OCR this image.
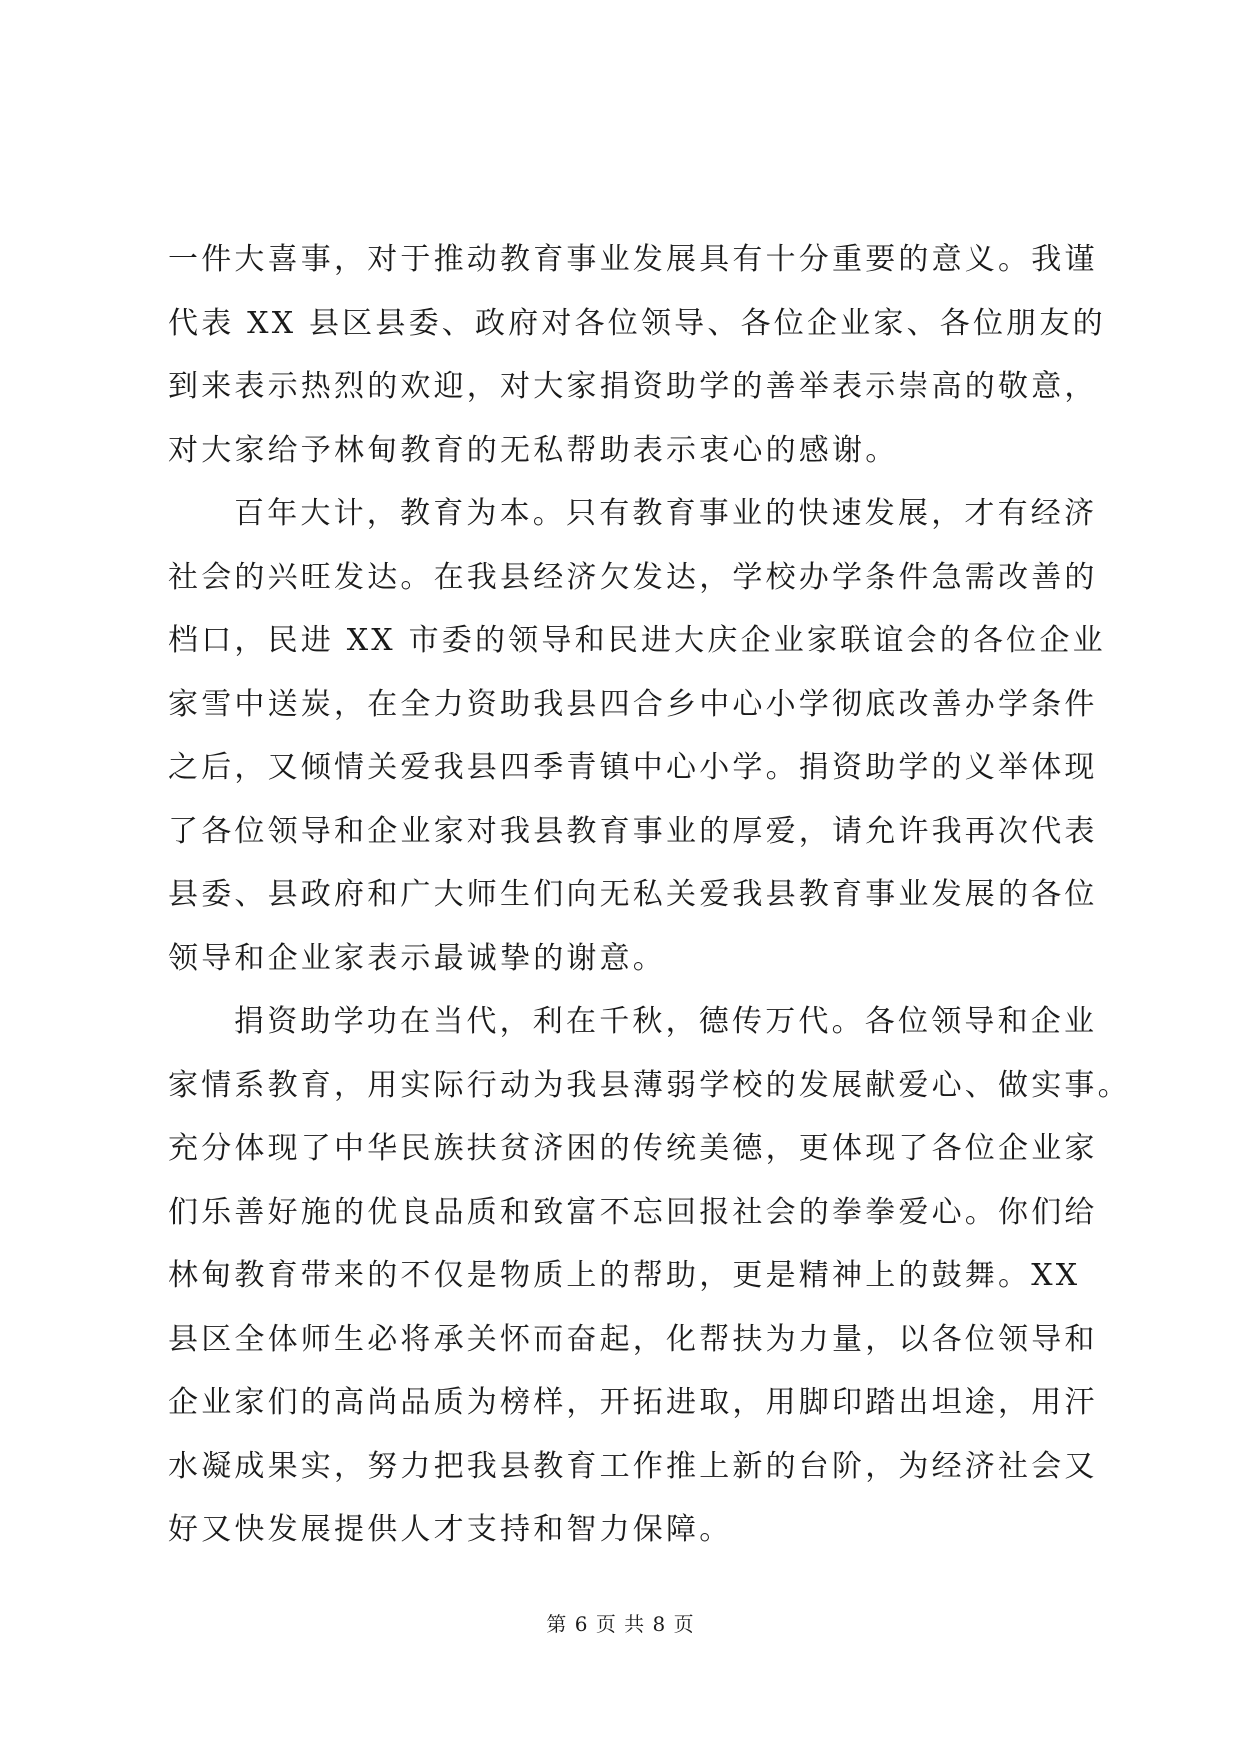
一件大喜事，对于推动教育事业发展具有十分重要的意义。我谨
代表 XX 县区县委、政府对各位领导、各位企业家、各位朋友的
到来表示热烈的欢迎，对大家捐资助学的善举表示崇高的敬意，
对大家给予林甸教育的无私帮助表示衷心的感谢。
百年大计，教育为本。只有教育事业的快速发展，才有经济
社会的兴旺发达。在我县经济欠发达，学校办学条件急需改善的
档口，民进 XX 市委的领导和民进大庆企业家联谊会的各位企业
家雪中送炭，在全力资助我县四合乡中心小学彻底改善办学条件
之后，又倾情关爱我县四季青镇中心小学。捐资助学的义举体现
了各位领导和企业家对我县教育事业的厚爱，请允许我再次代表
县委、县政府和广大师生们向无私关爱我县教育事业发展的各位
领导和企业家表示最诚挚的谢意。
捐资助学功在当代，利在千秋，德传万代。各位领导和企业
家情系教育，用实际行动为我县薄弱学校的发展献爱心、做实事。
充分体现了中华民族扶贫济困的传统美德，更体现了各位企业家
们乐善好施的优良品质和致富不忘回报社会的拳拳爱心。你们给
林甸教育带来的不仅是物质上的帮助，更是精神上的鼓舞。XX
县区全体师生必将承关怀而奋起，化帮扶为力量，以各位领导和
企业家们的高尚品质为榜样，开拓进取，用脚印踏出坦途，用汗
水凝成果实，努力把我县教育工作推上新的台阶，为经济社会又
好又快发展提供人才支持和智力保障。
第 6 页 共 8 页
